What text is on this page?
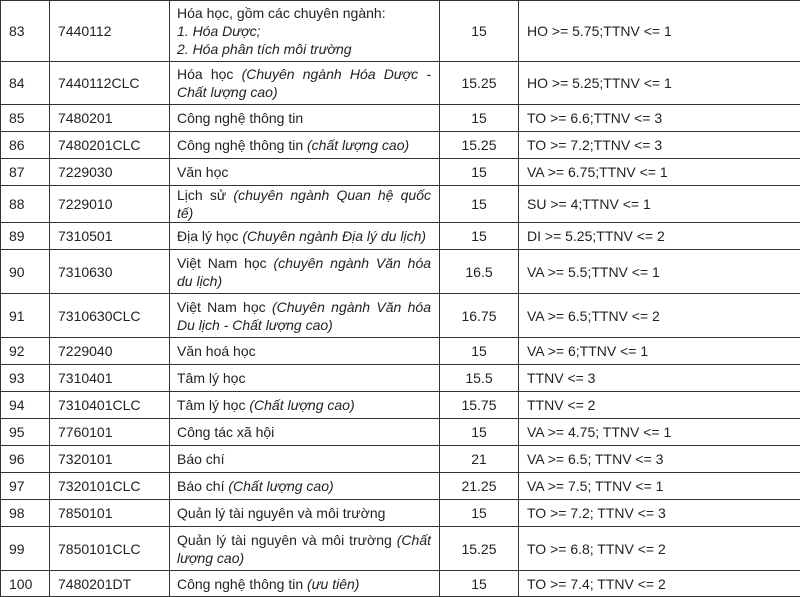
83	7440112	Hóa học, gồm các chuyên ngành:
1. Hóa Dược;
2. Hóa phân tích môi trường	15	HO >= 5.75;TTNV <= 1
84	7440112CLC	Hóa học (Chuyên ngành Hóa Dược - Chất lượng cao)	15.25	HO >= 5.25;TTNV <= 1
85	7480201	Công nghệ thông tin	15	TO >= 6.6;TTNV <= 3
86	7480201CLC	Công nghệ thông tin (chất lượng cao)	15.25	TO >= 7.2;TTNV <= 3
87	7229030	Văn học	15	VA >= 6.75;TTNV <= 1
88	7229010	Lịch sử (chuyên ngành Quan hệ quốc tế)	15	SU >= 4;TTNV <= 1
89	7310501	Địa lý học (Chuyên ngành Địa lý du lịch)	15	DI >= 5.25;TTNV <= 2
90	7310630	Việt Nam học (chuyên ngành Văn hóa du lịch)	16.5	VA >= 5.5;TTNV <= 1
91	7310630CLC	Việt Nam học (Chuyên ngành Văn hóa Du lịch - Chất lượng cao)	16.75	VA >= 6.5;TTNV <= 2
92	7229040	Văn hoá học	15	VA >= 6;TTNV <= 1
93	7310401	Tâm lý học	15.5	TTNV <= 3
94	7310401CLC	Tâm lý học (Chất lượng cao)	15.75	TTNV <= 2
95	7760101	Công tác xã hội	15	VA >= 4.75; TTNV <= 1
96	7320101	Báo chí	21	VA >= 6.5; TTNV <= 3
97	7320101CLC	Báo chí (Chất lượng cao)	21.25	VA >= 7.5; TTNV <= 1
98	7850101	Quản lý tài nguyên và môi trường	15	TO >= 7.2; TTNV <= 3
99	7850101CLC	Quản lý tài nguyên và môi trường (Chất lượng cao)	15.25	TO >= 6.8; TTNV <= 2
100	7480201DT	Công nghệ thông tin (ưu tiên)	15	TO >= 7.4; TTNV <= 2
